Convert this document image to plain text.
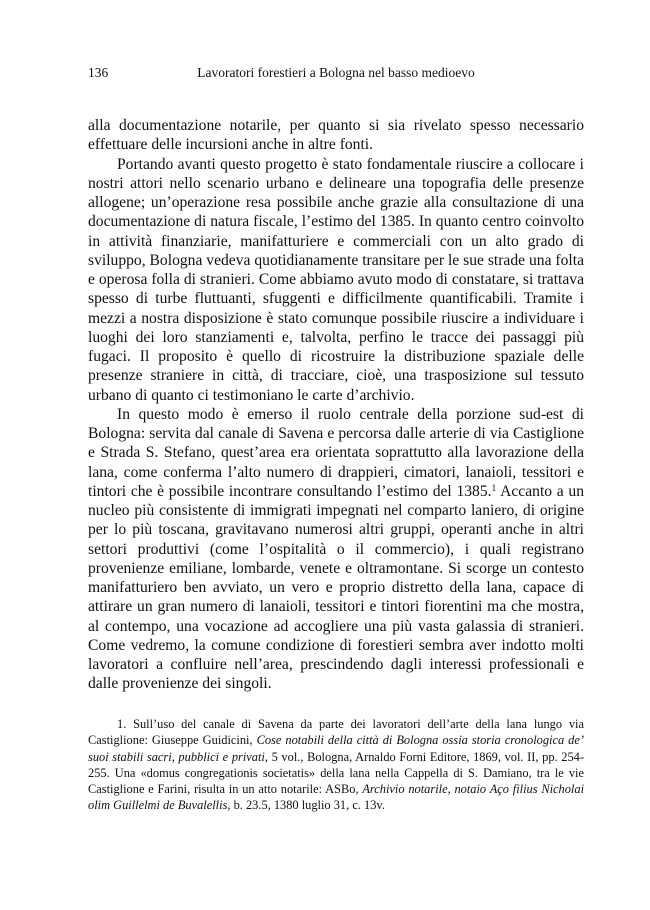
136	Lavoratori forestieri a Bologna nel basso medioevo

alla documentazione notarile, per quanto si sia rivelato spesso necessario effettuare delle incursioni anche in altre fonti.

Portando avanti questo progetto è stato fondamentale riuscire a collocare i nostri attori nello scenario urbano e delineare una topografia delle presenze allogene; un’operazione resa possibile anche grazie alla consultazione di una documentazione di natura fiscale, l’estimo del 1385. In quanto centro coinvolto in attività finanziarie, manifatturiere e commerciali con un alto grado di sviluppo, Bologna vedeva quotidianamente transitare per le sue strade una folta e operosa folla di stranieri. Come abbiamo avuto modo di constatare, si trattava spesso di turbe fluttuanti, sfuggenti e difficilmente quantificabili. Tramite i mezzi a nostra disposizione è stato comunque possibile riuscire a individuare i luoghi dei loro stanziamenti e, talvolta, perfino le tracce dei passaggi più fugaci. Il proposito è quello di ricostruire la distribuzione spaziale delle presenze straniere in città, di tracciare, cioè, una trasposizione sul tessuto urbano di quanto ci testimoniano le carte d’archivio.

In questo modo è emerso il ruolo centrale della porzione sud-est di Bologna: servita dal canale di Savena e percorsa dalle arterie di via Castiglione e Strada S. Stefano, quest’area era orientata soprattutto alla lavorazione della lana, come conferma l’alto numero di drappieri, cimatori, lanaioli, tessitori e tintori che è possibile incontrare consultando l’estimo del 1385.$^1$ Accanto a un nucleo più consistente di immigrati impegnati nel comparto laniero, di origine per lo più toscana, gravitavano numerosi altri gruppi, operanti anche in altri settori produttivi (come l’ospitalità o il commercio), i quali registrano provenienze emiliane, lombarde, venete e oltramontane. Si scorge un contesto manifatturiero ben avviato, un vero e proprio distretto della lana, capace di attirare un gran numero di lanaioli, tessitori e tintori fiorentini ma che mostra, al contempo, una vocazione ad accogliere una più vasta galassia di stranieri. Come vedremo, la comune condizione di forestieri sembra aver indotto molti lavoratori a confluire nell’area, prescindendo dagli interessi professionali e dalle provenienze dei singoli.

1. Sull’uso del canale di Savena da parte dei lavoratori dell’arte della lana lungo via Castiglione: Giuseppe Guidicini, Cose notabili della città di Bologna ossia storia cronologica de’ suoi stabili sacri, pubblici e privati, 5 vol., Bologna, Arnaldo Forni Editore, 1869, vol. II, pp. 254-255. Una «domus congregationis societatis» della lana nella Cappella di S. Damiano, tra le vie Castiglione e Farini, risulta in un atto notarile: ASBo, Archivio notarile, notaio Aço filius Nicholai olim Guillelmi de Buvalellis, b. 23.5, 1380 luglio 31, c. 13v.
